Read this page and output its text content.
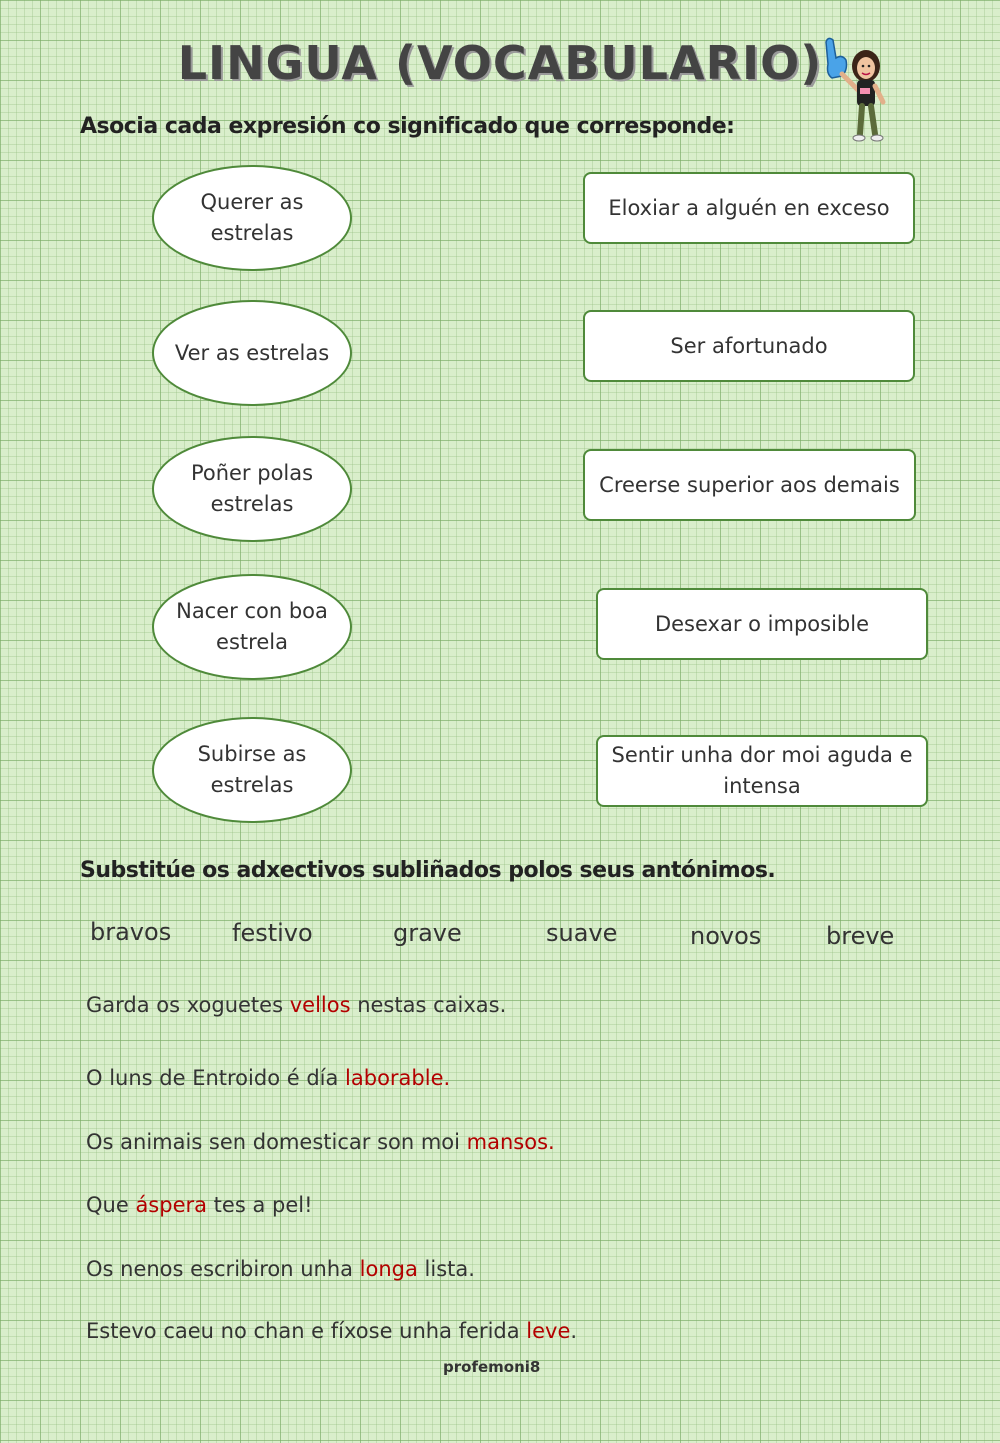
LINGUA (VOCABULARIO)
Asocia cada expresión co significado que corresponde:
Querer as estrelas
Ver as estrelas
Poñer polas estrelas
Nacer con boa estrela
Subirse as estrelas
Eloxiar a alguén en exceso
Ser afortunado
Creerse superior aos demais
Desexar o imposible
Sentir unha dor moi aguda e intensa
Substitúe os adxectivos subliñados polos seus antónimos.
bravos	festivo	grave	suave	novos	breve
Garda os xoguetes vellos nestas caixas.
O luns de Entroido é día laborable.
Os animais sen domesticar son moi mansos.
Que áspera tes a pel!
Os nenos escribiron unha longa lista.
Estevo caeu no chan e fíxose unha ferida leve.
profemoni8
